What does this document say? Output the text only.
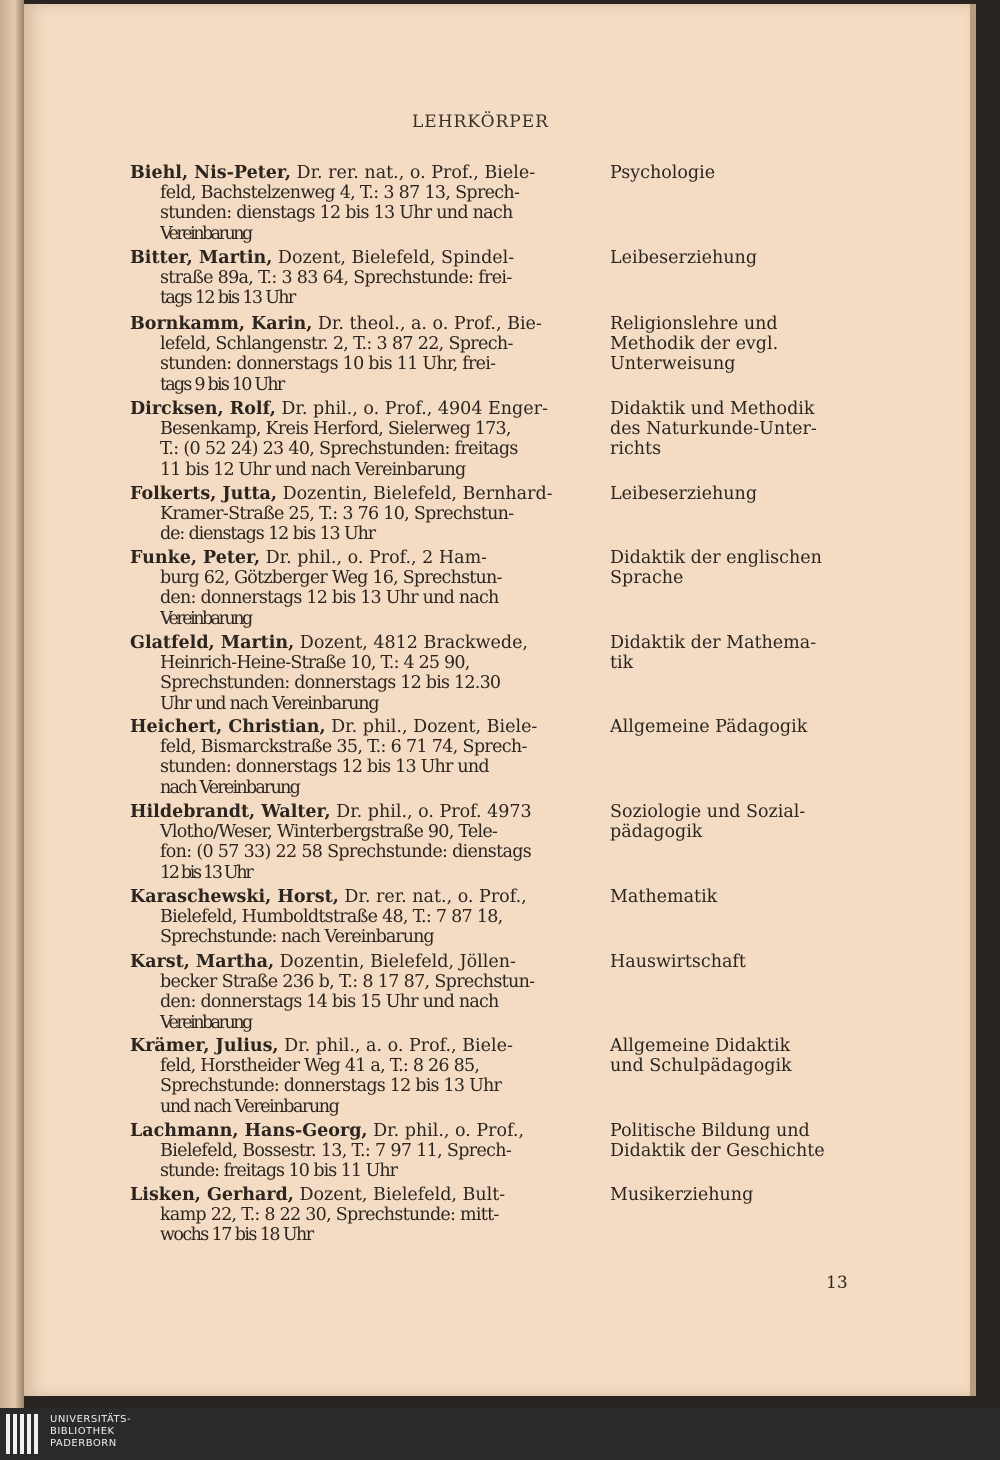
LEHRKÖRPER
Biehl, Nis-Peter, Dr. rer. nat., o. Prof., Biele-
feld, Bachstelzenweg 4, T.: 3 87 13, Sprech-
stunden: dienstags 12 bis 13 Uhr und nach
Vereinbarung
Psychologie
Bitter, Martin, Dozent, Bielefeld, Spindel-
straße 89a, T.: 3 83 64, Sprechstunde: frei-
tags 12 bis 13 Uhr
Leibeserziehung
Bornkamm, Karin, Dr. theol., a. o. Prof., Bie-
lefeld, Schlangenstr. 2, T.: 3 87 22, Sprech-
stunden: donnerstags 10 bis 11 Uhr, frei-
tags 9 bis 10 Uhr
Religionslehre und
Methodik der evgl.
Unterweisung
Dircksen, Rolf, Dr. phil., o. Prof., 4904 Enger-
Besenkamp, Kreis Herford, Sielerweg 173,
T.: (0 52 24) 23 40, Sprechstunden: freitags
11 bis 12 Uhr und nach Vereinbarung
Didaktik und Methodik
des Naturkunde-Unter-
richts
Folkerts, Jutta, Dozentin, Bielefeld, Bernhard-
Kramer-Straße 25, T.: 3 76 10, Sprechstun-
de: dienstags 12 bis 13 Uhr
Leibeserziehung
Funke, Peter, Dr. phil., o. Prof., 2 Ham-
burg 62, Götzberger Weg 16, Sprechstun-
den: donnerstags 12 bis 13 Uhr und nach
Vereinbarung
Didaktik der englischen
Sprache
Glatfeld, Martin, Dozent, 4812 Brackwede,
Heinrich-Heine-Straße 10, T.: 4 25 90,
Sprechstunden: donnerstags 12 bis 12.30
Uhr und nach Vereinbarung
Didaktik der Mathema-
tik
Heichert, Christian, Dr. phil., Dozent, Biele-
feld, Bismarckstraße 35, T.: 6 71 74, Sprech-
stunden: donnerstags 12 bis 13 Uhr und
nach Vereinbarung
Allgemeine Pädagogik
Hildebrandt, Walter, Dr. phil., o. Prof. 4973
Vlotho/Weser, Winterbergstraße 90, Tele-
fon: (0 57 33) 22 58 Sprechstunde: dienstags
12 bis 13 Uhr
Soziologie und Sozial-
pädagogik
Karaschewski, Horst, Dr. rer. nat., o. Prof.,
Bielefeld, Humboldtstraße 48, T.: 7 87 18,
Sprechstunde: nach Vereinbarung
Mathematik
Karst, Martha, Dozentin, Bielefeld, Jöllen-
becker Straße 236 b, T.: 8 17 87, Sprechstun-
den: donnerstags 14 bis 15 Uhr und nach
Vereinbarung
Hauswirtschaft
Krämer, Julius, Dr. phil., a. o. Prof., Biele-
feld, Horstheider Weg 41 a, T.: 8 26 85,
Sprechstunde: donnerstags 12 bis 13 Uhr
und nach Vereinbarung
Allgemeine Didaktik
und Schulpädagogik
Lachmann, Hans-Georg, Dr. phil., o. Prof.,
Bielefeld, Bossestr. 13, T.: 7 97 11, Sprech-
stunde: freitags 10 bis 11 Uhr
Politische Bildung und
Didaktik der Geschichte
Lisken, Gerhard, Dozent, Bielefeld, Bult-
kamp 22, T.: 8 22 30, Sprechstunde: mitt-
wochs 17 bis 18 Uhr
Musikerziehung
13
UNIVERSITÄTS-
BIBLIOTHEK
PADERBORN
